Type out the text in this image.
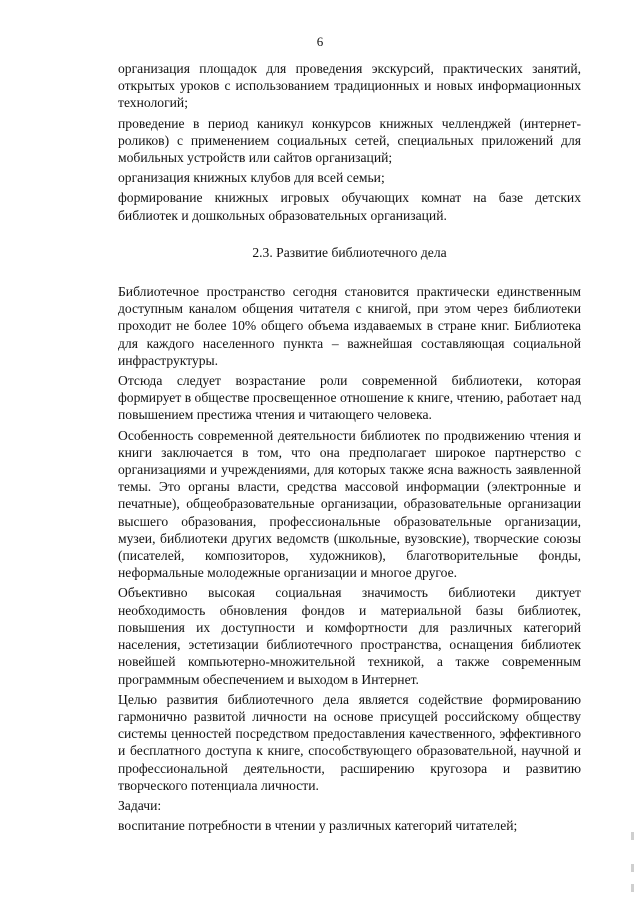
6

организация площадок для проведения экскурсий, практических занятий, открытых уроков с использованием традиционных и новых информационных технологий;

проведение в период каникул конкурсов книжных челленджей (интернет-роликов) с применением социальных сетей, специальных приложений для мобильных устройств или сайтов организаций;

организация книжных клубов для всей семьи;

формирование книжных игровых обучающих комнат на базе детских библиотек и дошкольных образовательных организаций.

2.3. Развитие библиотечного дела

Библиотечное пространство сегодня становится практически единственным доступным каналом общения читателя с книгой, при этом через библиотеки проходит не более 10% общего объема издаваемых в стране книг. Библиотека для каждого населенного пункта – важнейшая составляющая социальной инфраструктуры.

Отсюда следует возрастание роли современной библиотеки, которая формирует в обществе просвещенное отношение к книге, чтению, работает над повышением престижа чтения и читающего человека.

Особенность современной деятельности библиотек по продвижению чтения и книги заключается в том, что она предполагает широкое партнерство с организациями и учреждениями, для которых также ясна важность заявленной темы. Это органы власти, средства массовой информации (электронные и печатные), общеобразовательные организации, образовательные организации высшего образования, профессиональные образовательные организации, музеи, библиотеки других ведомств (школьные, вузовские), творческие союзы (писателей, композиторов, художников), благотворительные фонды, неформальные молодежные организации и многое другое.

Объективно высокая социальная значимость библиотеки диктует необходимость обновления фондов и материальной базы библиотек, повышения их доступности и комфортности для различных категорий населения, эстетизации библиотечного пространства, оснащения библиотек новейшей компьютерно-множительной техникой, а также современным программным обеспечением и выходом в Интернет.

Целью развития библиотечного дела является содействие формированию гармонично развитой личности на основе присущей российскому обществу системы ценностей посредством предоставления качественного, эффективного и бесплатного доступа к книге, способствующего образовательной, научной и профессиональной деятельности, расширению кругозора и развитию творческого потенциала личности.

Задачи:

воспитание потребности в чтении у различных категорий читателей;
